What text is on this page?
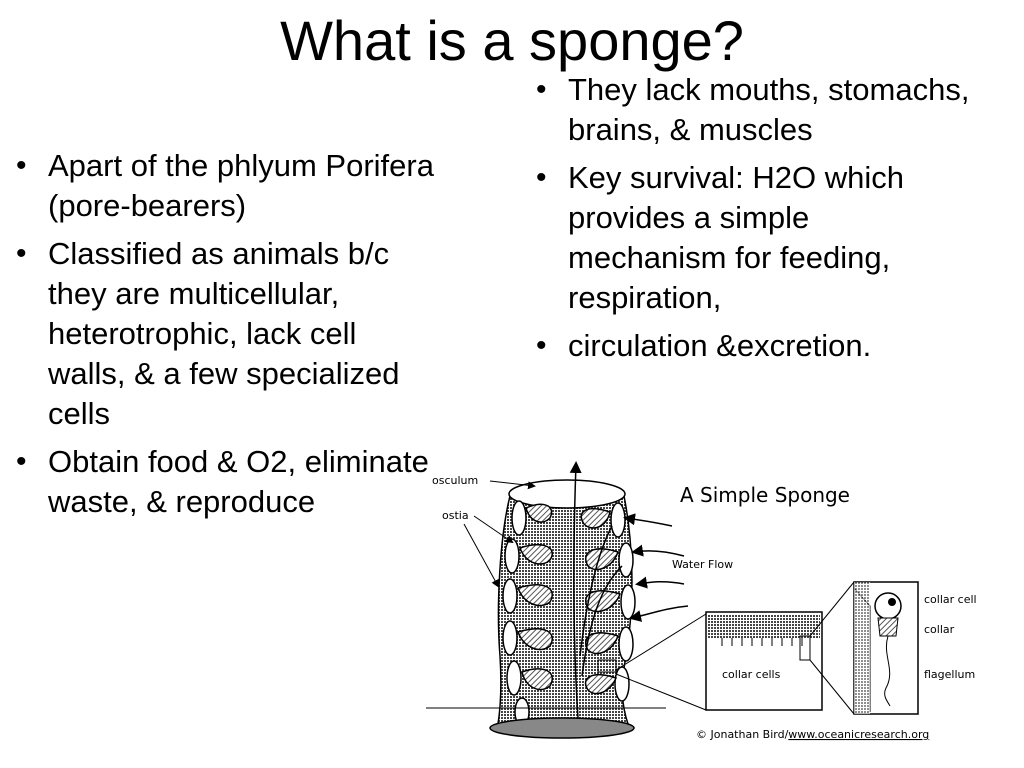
What is a sponge?
• Apart of the phlyum Porifera (pore-bearers)
• Classified as animals b/c they are multicellular, heterotrophic, lack cell walls, & a few specialized cells
• Obtain food & O2, eliminate waste, & reproduce
• They lack mouths, stomachs, brains, & muscles
• Key survival: H2O which provides a simple mechanism for feeding, respiration,
• circulation &excretion.
osculum
ostia
A Simple Sponge
Water Flow
collar cells
collar cell
collar
flagellum
© Jonathan Bird/www.oceanicresearch.org
